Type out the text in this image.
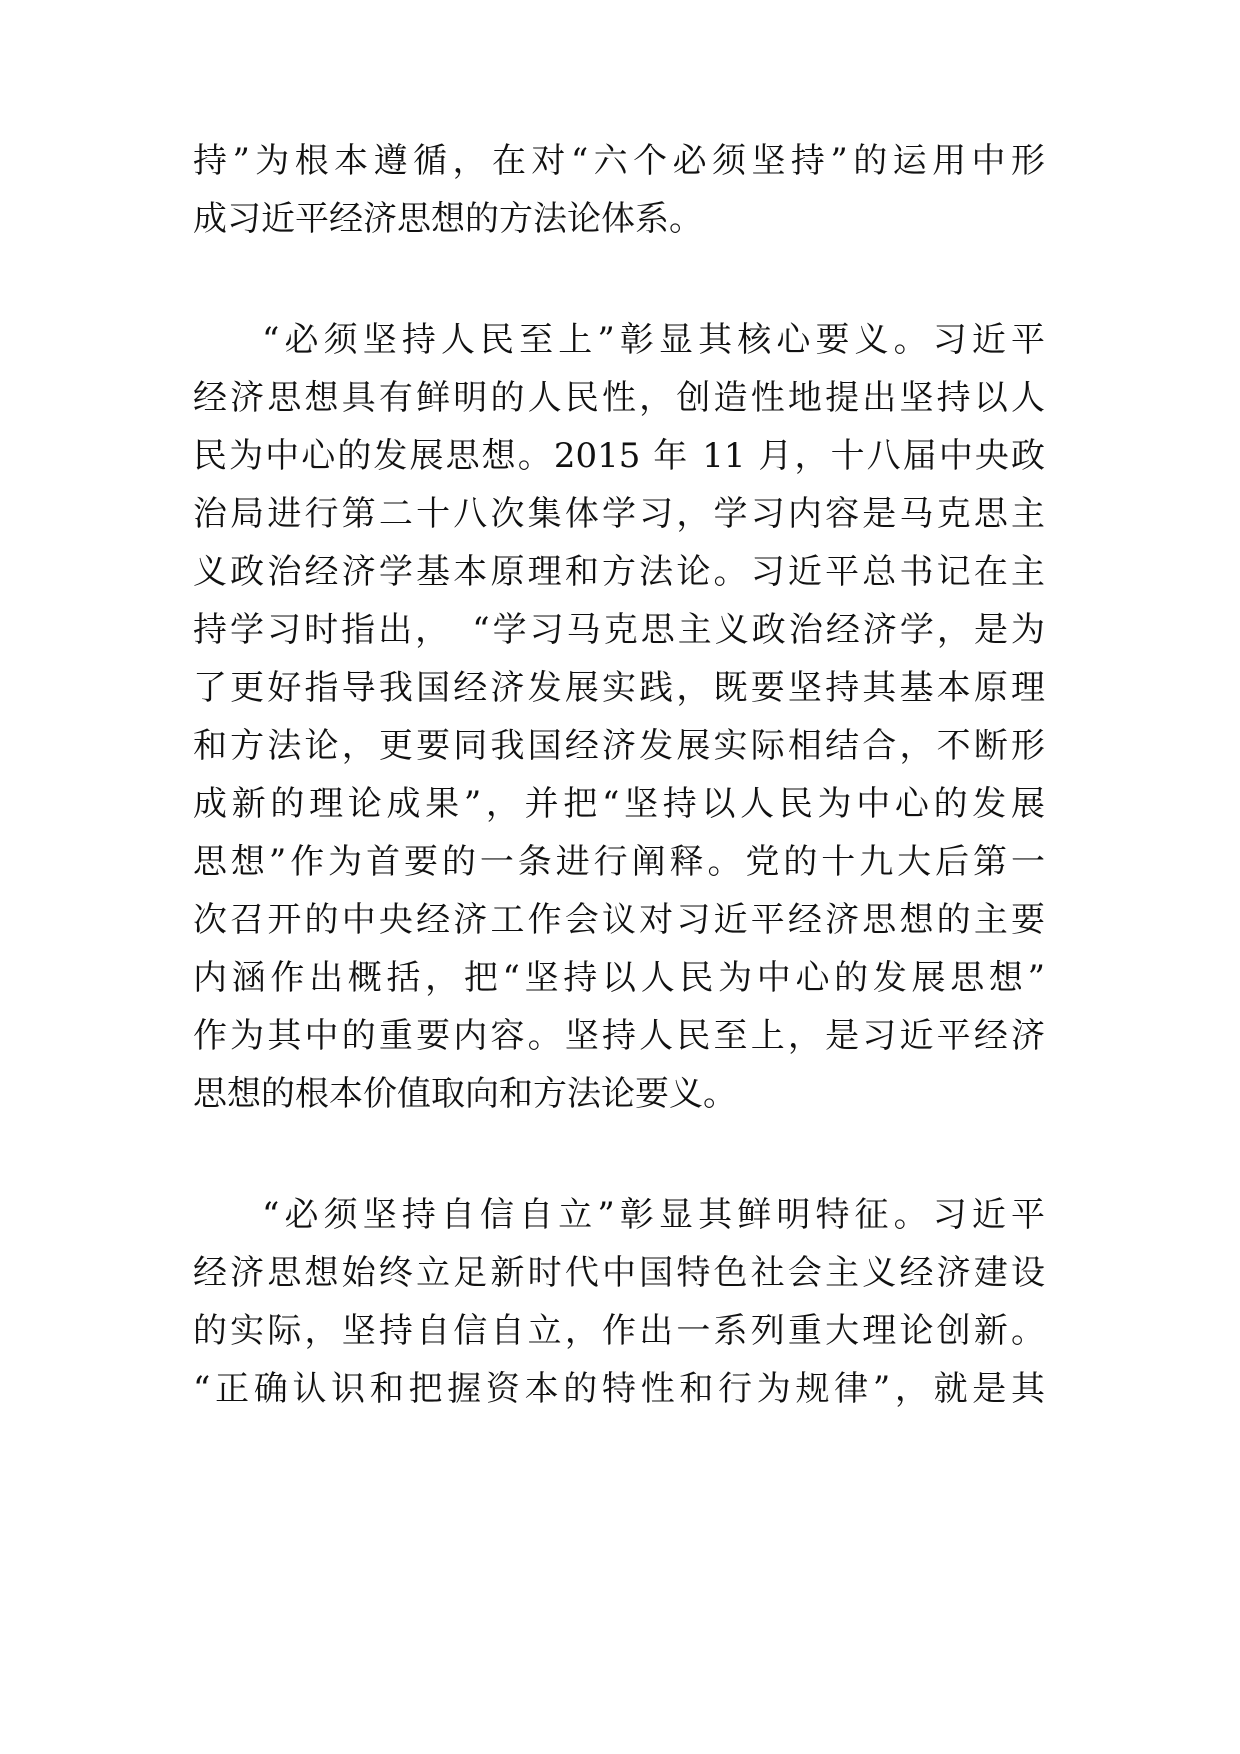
持”为根本遵循，在对“六个必须坚持”的运用中形
成习近平经济思想的方法论体系。
“必须坚持人民至上”彰显其核心要义。习近平
经济思想具有鲜明的人民性，创造性地提出坚持以人
民为中心的发展思想。2015 年 11 月，十八届中央政
治局进行第二十八次集体学习，学习内容是马克思主
义政治经济学基本原理和方法论。习近平总书记在主
持学习时指出，　“学习马克思主义政治经济学，是为
了更好指导我国经济发展实践，既要坚持其基本原理
和方法论，更要同我国经济发展实际相结合，不断形
成新的理论成果”，并把“坚持以人民为中心的发展
思想”作为首要的一条进行阐释。党的十九大后第一
次召开的中央经济工作会议对习近平经济思想的主要
内涵作出概括，把“坚持以人民为中心的发展思想”
作为其中的重要内容。坚持人民至上，是习近平经济
思想的根本价值取向和方法论要义。
“必须坚持自信自立”彰显其鲜明特征。习近平
经济思想始终立足新时代中国特色社会主义经济建设
的实际，坚持自信自立，作出一系列重大理论创新。
“正确认识和把握资本的特性和行为规律”，就是其
